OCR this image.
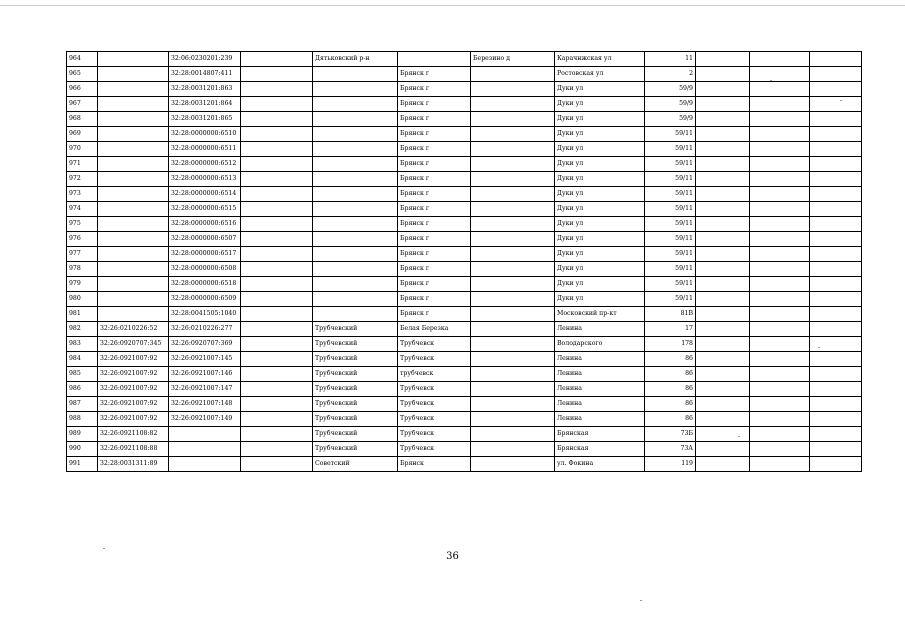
964		32:06:0230201:239		Дятьковский р-н		Березино д	Карачнжская ул	11			
965		32:28:0014807:411			Брянск г		Ростовская ул	2			
966		32:28:0031201:863			Брянск г		Дуки ул	59/9			
967		32:28:0031201:864			Брянск г		Дуки ул	59/9			
968		32:28:0031201:865			Брянск г		Дуки ул	59/9			
969		32:28:0000000:6510			Брянск г		Дуки ул	59/11			
970		32:28:0000000:6511			Брянск г		Дуки ул	59/11			
971		32:28:0000000:6512			Брянск г		Дуки ул	59/11			
972		32:28:0000000:6513			Брянск г		Дуки ул	59/11			
973		32:28:0000000:6514			Брянск г		Дуки ул	59/11			
974		32:28:0000000:6515			Брянск г		Дуки ул	59/11			
975		32:28:0000000:6516			Брянск г		Дуки ул	59/11			
976		32:28:0000000:6507			Брянск г		Дуки ул	59/11			
977		32:28:0000000:6517			Брянск г		Дуки ул	59/11			
978		32:28:0000000:6508			Брянск г		Дуки ул	59/11			
979		32:28:0000000:6518			Брянск г		Дуки ул	59/11			
980		32:28:0000000:6509			Брянск г		Дуки ул	59/11			
981		32:28:0041505:1040			Брянск г		Московский пр-кт	81В			
982	32:26:0210226:52	32:26:0210226:277		Трубчевский	Белая Березка		Ленина	17			
983	32:26:0920707:345	32:26:0920707:369		Трубчевский	Трубчевск		Володарского	178			
984	32:26:0921007:92	32:26:0921007:145		Трубчевский	Трубчевск		Ленина	86			
985	32:26:0921007:92	32:26:0921007:146		Трубчевский	трубчевск		Ленина	86			
986	32:26:0921007:92	32:26:0921007:147		Трубчевский	Трубчевск		Ленина	86			
987	32:26:0921007:92	32:26:0921007:148		Трубчевский	Трубчевск		Ленина	86			
988	32:26:0921007:92	32:26:0921007:149		Трубчевский	Трубчевск		Ленина	86			
989	32:26:0921108:82			Трубчевский	Трубчевск		Брянская	73Б			
990	32:26:0921108:88			Трубчевский	Трубчевск		Брянская	73А			
991	32:28:0031311:89			Советский	Брянск		ул. Фокина	119			
36
